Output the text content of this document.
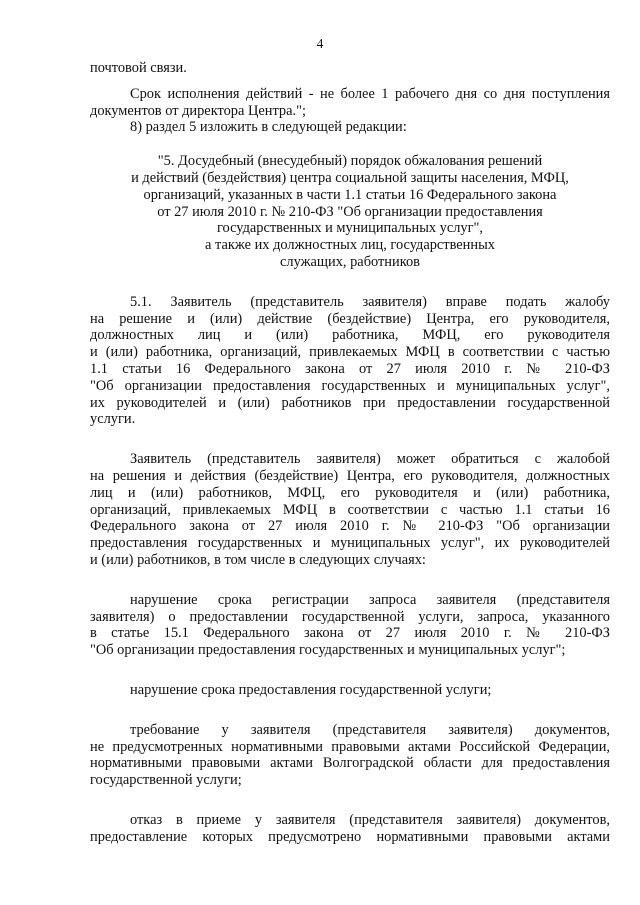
4

почтовой связи.

Срок исполнения действий - не более 1 рабочего дня со дня поступления
документов от директора Центра.";
8) раздел 5 изложить в следующей редакции:

"5. Досудебный (внесудебный) порядок обжалования решений
и действий (бездействия) центра социальной защиты населения, МФЦ,
организаций, указанных в части 1.1 статьи 16 Федерального закона
от 27 июля 2010 г. № 210-ФЗ "Об организации предоставления
государственных и муниципальных услуг",
а также их должностных лиц, государственных
служащих, работников

5.1. Заявитель (представитель заявителя) вправе подать жалобу
на решение и (или) действие (бездействие) Центра, его руководителя,
должностных лиц и (или) работника, МФЦ, его руководителя
и (или) работника, организаций, привлекаемых МФЦ в соответствии с частью
1.1 статьи 16 Федерального закона от 27 июля 2010 г. № 210-ФЗ
"Об организации предоставления государственных и муниципальных услуг",
их руководителей и (или) работников при предоставлении государственной
услуги.

Заявитель (представитель заявителя) может обратиться с жалобой
на решения и действия (бездействие) Центра, его руководителя, должностных
лиц и (или) работников, МФЦ, его руководителя и (или) работника,
организаций, привлекаемых МФЦ в соответствии с частью 1.1 статьи 16
Федерального закона от 27 июля 2010 г. № 210-ФЗ "Об организации
предоставления государственных и муниципальных услуг", их руководителей
и (или) работников, в том числе в следующих случаях:

нарушение срока регистрации запроса заявителя (представителя
заявителя) о предоставлении государственной услуги, запроса, указанного
в статье 15.1 Федерального закона от 27 июля 2010 г. № 210-ФЗ
"Об организации предоставления государственных и муниципальных услуг";

нарушение срока предоставления государственной услуги;

требование у заявителя (представителя заявителя) документов,
не предусмотренных нормативными правовыми актами Российской Федерации,
нормативными правовыми актами Волгоградской области для предоставления
государственной услуги;

отказ в приеме у заявителя (представителя заявителя) документов,
предоставление которых предусмотрено нормативными правовыми актами
